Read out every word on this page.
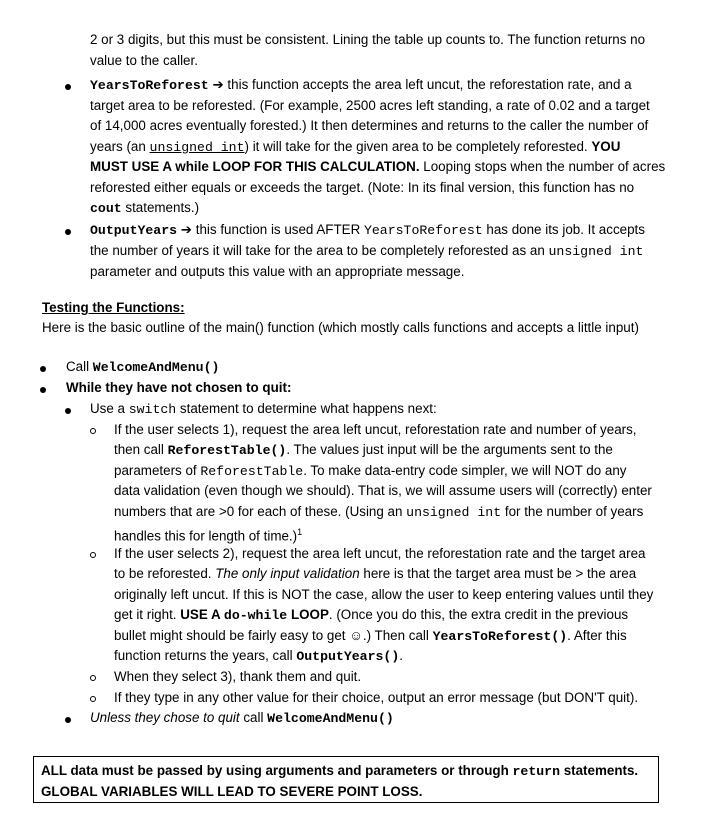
2 or 3 digits, but this must be consistent. Lining the table up counts to. The function returns no
value to the caller.
YearsToReforest ➔ this function accepts the area left uncut, the reforestation rate, and a
target area to be reforested. (For example, 2500 acres left standing, a rate of 0.02 and a target
of 14,000 acres eventually forested.) It then determines and returns to the caller the number of
years (an unsigned int) it will take for the given area to be completely reforested. YOU
MUST USE A while LOOP FOR THIS CALCULATION. Looping stops when the number of acres
reforested either equals or exceeds the target. (Note: In its final version, this function has no
cout statements.)
OutputYears ➔ this function is used AFTER YearsToReforest has done its job. It accepts
the number of years it will take for the area to be completely reforested as an unsigned int
parameter and outputs this value with an appropriate message.
Testing the Functions:
Here is the basic outline of the main() function (which mostly calls functions and accepts a little input)
Call WelcomeAndMenu()
While they have not chosen to quit:
Use a switch statement to determine what happens next:
If the user selects 1), request the area left uncut, reforestation rate and number of years,
then call ReforestTable(). The values just input will be the arguments sent to the
parameters of ReforestTable. To make data-entry code simpler, we will NOT do any
data validation (even though we should). That is, we will assume users will (correctly) enter
numbers that are >0 for each of these. (Using an unsigned int for the number of years
handles this for length of time.)$^1$
If the user selects 2), request the area left uncut, the reforestation rate and the target area
to be reforested. The only input validation here is that the target area must be > the area
originally left uncut. If this is NOT the case, allow the user to keep entering values until they
get it right. USE A do-while LOOP. (Once you do this, the extra credit in the previous
bullet might should be fairly easy to get ☺.) Then call YearsToReforest(). After this
function returns the years, call OutputYears().
When they select 3), thank them and quit.
If they type in any other value for their choice, output an error message (but DON'T quit).
Unless they chose to quit call WelcomeAndMenu()
ALL data must be passed by using arguments and parameters or through return statements.
GLOBAL VARIABLES WILL LEAD TO SEVERE POINT LOSS.
